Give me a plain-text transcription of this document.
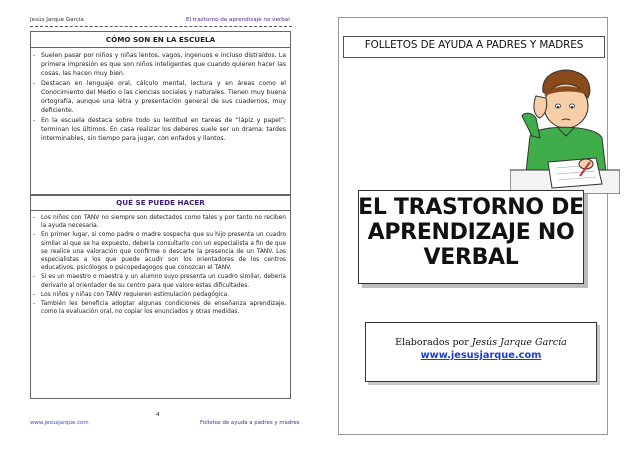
Jesús Jarque García	El trastorno de aprendizaje no verbal
CÓMO SON EN LA ESCUELA
- Suelen pasar por niños y niñas lentos, vagos, ingenuos e incluso distraídos. La primera impresión es que son niños inteligentes que cuando quieren hacer las cosas, las hacen muy bien.
- Destacan en lenguaje oral, cálculo mental, lectura y en áreas como el Conocimiento del Medio o las ciencias sociales y naturales. Tienen muy buena ortografía, aunque una letra y presentación general de sus cuadernos, muy deficiente.
- En la escuela destaca sobre todo su lentitud en tareas de “lápiz y papel”: terminan los últimos. En casa realizar los deberes suele ser un drama: tardes interminables, sin tiempo para jugar, con enfados y llantos.
QUÉ SE PUEDE HACER
- Los niños con TANV no siempre son detectados como tales y por tanto no reciben la ayuda necesaria.
- En primer lugar, si como padre o madre sospecha que su hijo presenta un cuadro similar al que se ha expuesto, debería consultarlo con un especialista a fin de que se realice una valoración que confirme o descarte la presencia de un TANV. Los especialistas a los que puede acudir son los orientadores de los centros educativos, psicólogos o psicopedagogos que conozcan el TANV.
- Si es un maestro o maestra y un alumno suyo presenta un cuadro similar, debería derivarlo al orientador de su centro para que valore estas dificultades.
- Los niños y niñas con TANV requieren estimulación pedagógica.
- También les beneficia adoptar algunas condiciones de enseñanza aprendizaje, como la evaluación oral, no copiar los enunciados y otras medidas.
4
www.jesusjarque.com	Folletos de ayuda a padres y madres
FOLLETOS DE AYUDA A PADRES Y MADRES
EL TRASTORNO DE
APRENDIZAJE NO
VERBAL
Elaborados por Jesús Jarque García
www.jesusjarque.com
